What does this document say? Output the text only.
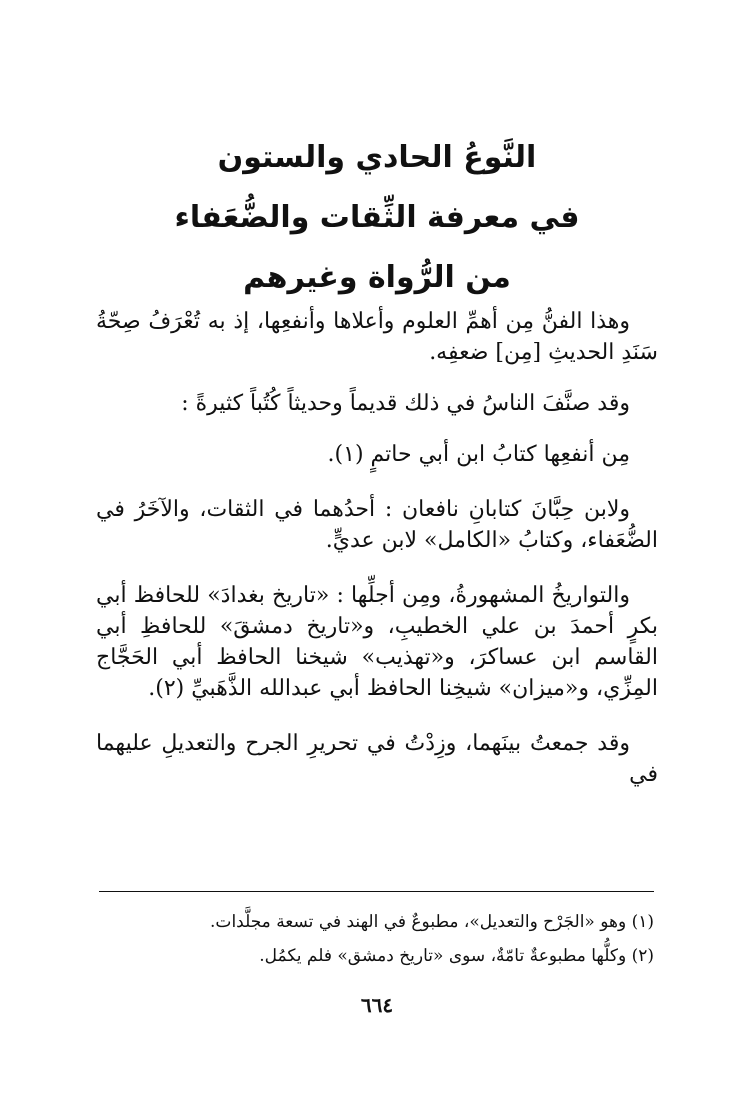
النَّوعُ الحادي والستون

في معرفة الثِّقات والضُّعَفاء

من الرُّواة وغيرهم

وهذا الفنُّ مِن أهمِّ العلوم وأعلاها وأنفعِها، إذ به تُعْرَفُ صِحّةُ سَنَدِ الحديثِ [مِن] ضعفِه.

وقد صنَّفَ الناسُ في ذلك قديماً وحديثاً كُتُباً كثيرةً :

مِن أنفعِها كتابُ ابن أبي حاتمٍ (١).

ولابن حِبَّانَ كتابانِ نافعان : أحدُهما في الثقات، والآخَرُ في الضُّعَفاء، وكتابُ «الكامل» لابن عديٍّ.

والتواريخُ المشهورةُ، ومِن أجلِّها : «تاريخ بغدادَ» للحافظ أبي بكرٍ أحمدَ بن علي الخطيبِ، و«تاريخ دمشقَ» للحافظِ أبي القاسم ابن عساكرَ، و«تهذيب» شيخنا الحافظ أبي الحَجَّاج المِزِّي، و«ميزان» شيخِنا الحافظ أبي عبدالله الذَّهَبيِّ (٢).

وقد جمعتُ بينَهما، وزِدْتُ في تحريرِ الجرح والتعديلِ عليهما في

(١) وهو «الجَرْح والتعديل»، مطبوعٌ في الهند في تسعة مجلَّدات.

(٢) وكلُّها مطبوعةٌ تامّةٌ، سوى «تاريخ دمشق» فلم يكمُل.

٦٦٤
